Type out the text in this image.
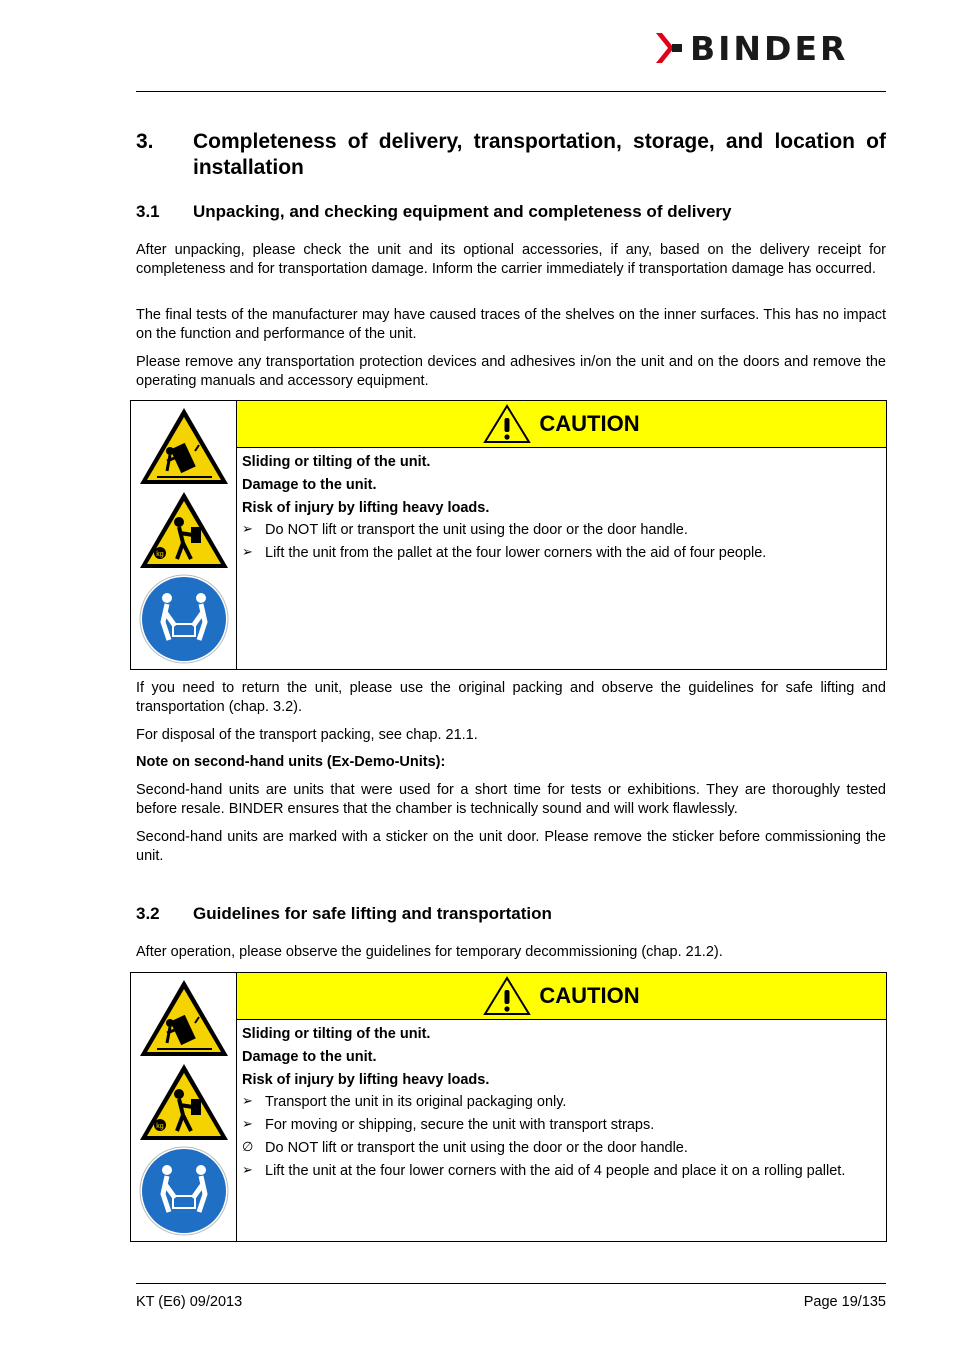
BINDER
3. Completeness of delivery, transportation, storage, and location of installation
3.1 Unpacking, and checking equipment and completeness of delivery
After unpacking, please check the unit and its optional accessories, if any, based on the delivery receipt for completeness and for transportation damage. Inform the carrier immediately if transportation damage has occurred.
The final tests of the manufacturer may have caused traces of the shelves on the inner surfaces. This has no impact on the function and performance of the unit.
Please remove any transportation protection devices and adhesives in/on the unit and on the doors and remove the operating manuals and accessory equipment.
kg
CAUTION
Sliding or tilting of the unit.
Damage to the unit.
Risk of injury by lifting heavy loads.
➢ Do NOT lift or transport the unit using the door or the door handle.
➢ Lift the unit from the pallet at the four lower corners with the aid of four people.
If you need to return the unit, please use the original packing and observe the guidelines for safe lifting and transportation (chap. 3.2).
For disposal of the transport packing, see chap. 21.1.
Note on second-hand units (Ex-Demo-Units):
Second-hand units are units that were used for a short time for tests or exhibitions. They are thoroughly tested before resale. BINDER ensures that the chamber is technically sound and will work flawlessly.
Second-hand units are marked with a sticker on the unit door. Please remove the sticker before commissioning the unit.
3.2 Guidelines for safe lifting and transportation
After operation, please observe the guidelines for temporary decommissioning (chap. 21.2).
kg
CAUTION
Sliding or tilting of the unit.
Damage to the unit.
Risk of injury by lifting heavy loads.
➢ Transport the unit in its original packaging only.
➢ For moving or shipping, secure the unit with transport straps.
∅ Do NOT lift or transport the unit using the door or the door handle.
➢ Lift the unit at the four lower corners with the aid of 4 people and place it on a rolling pallet.
KT (E6) 09/2013	Page 19/135
